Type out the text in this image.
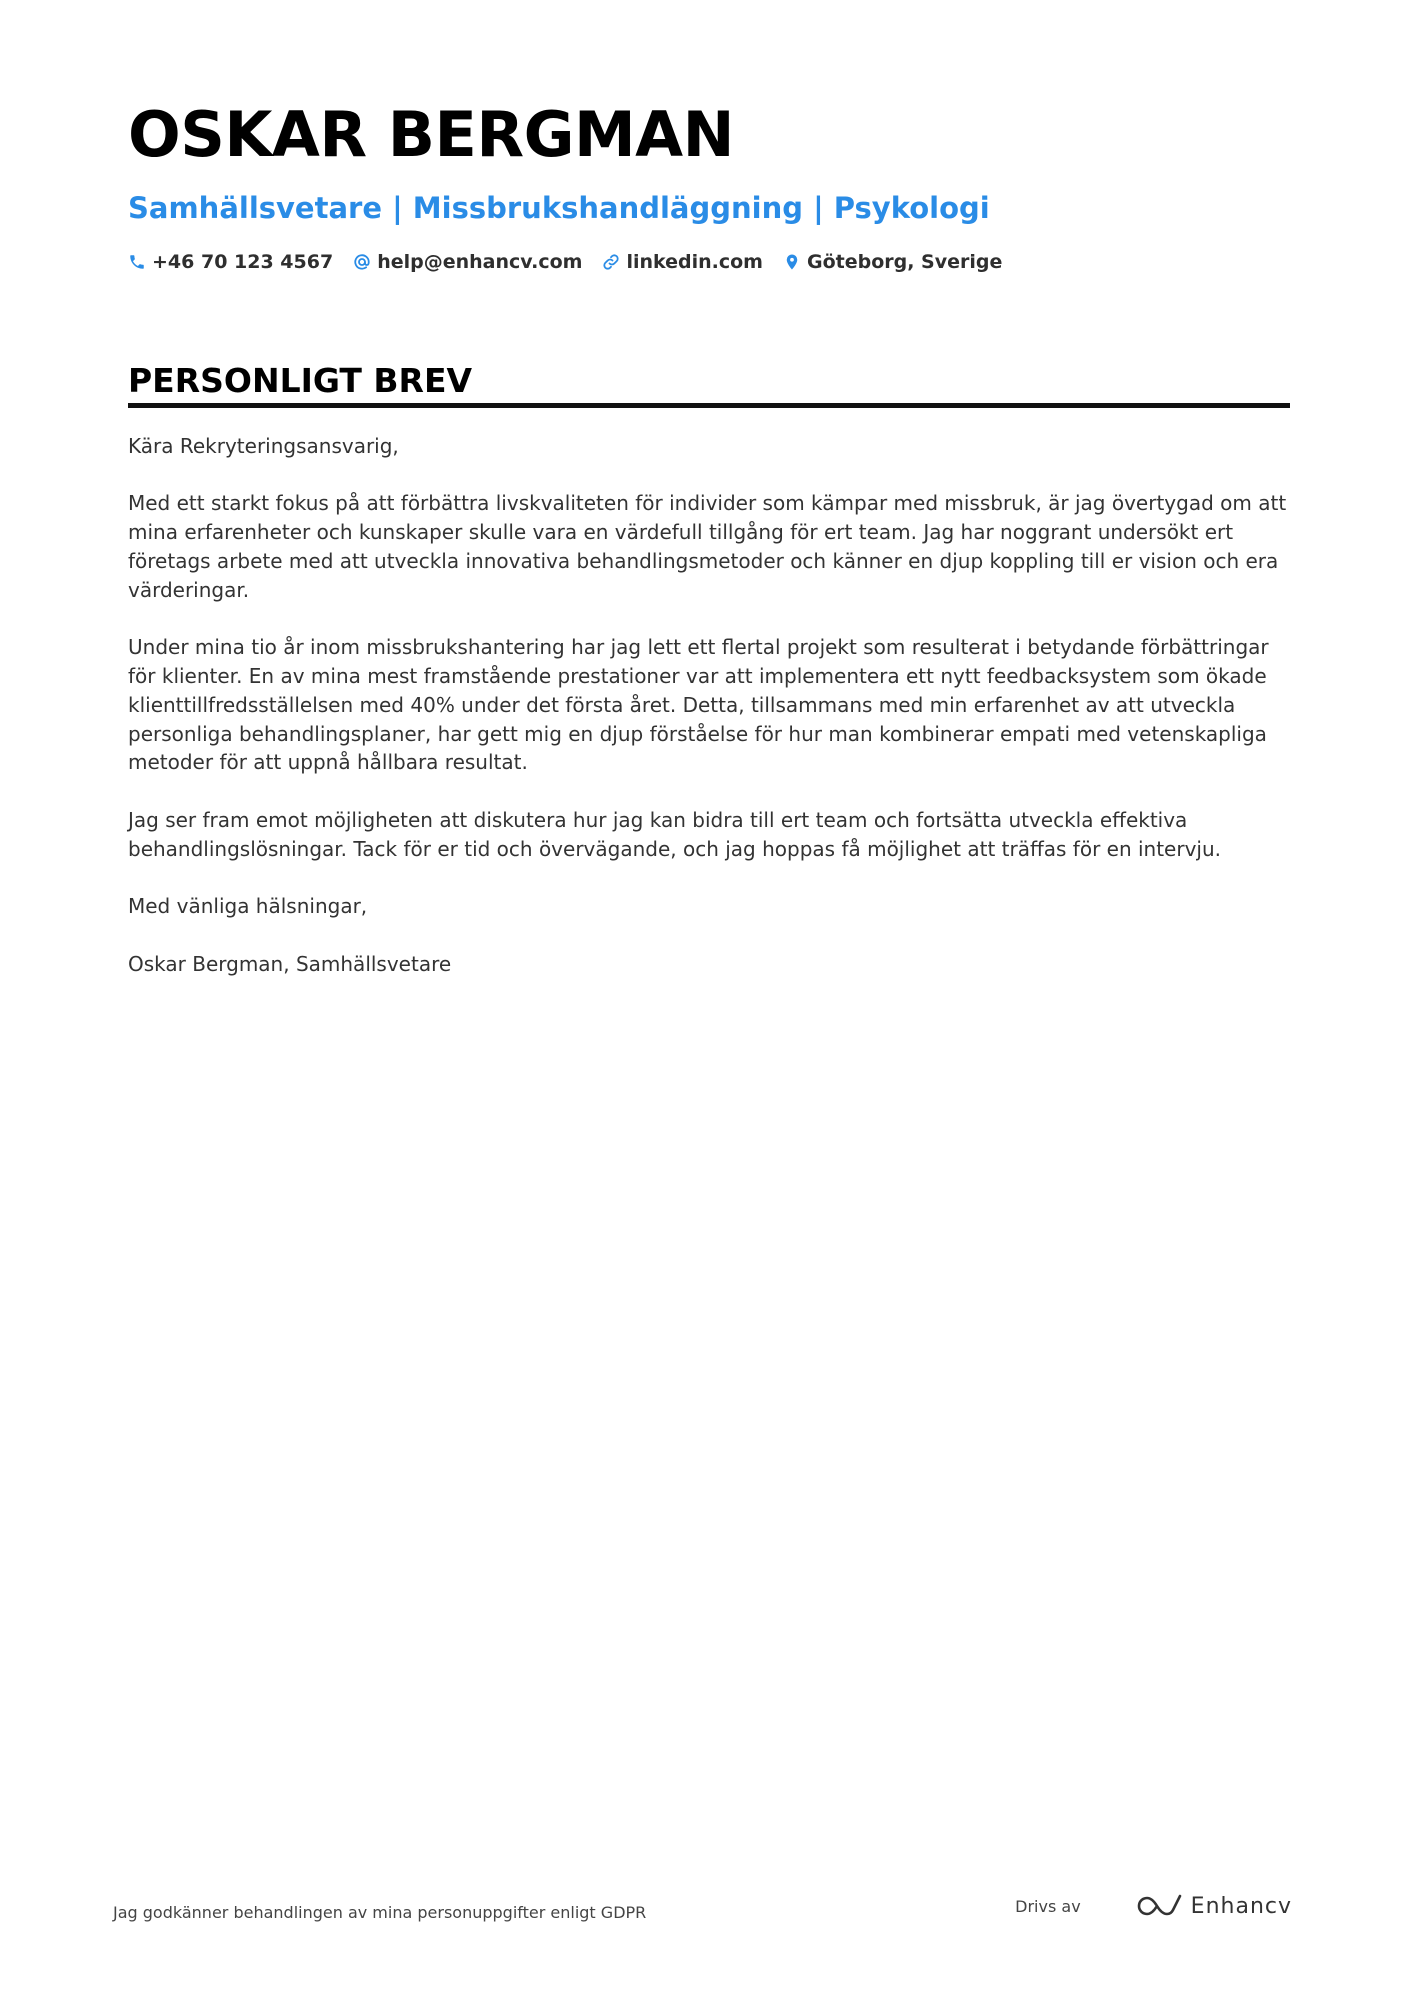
OSKAR BERGMAN
Samhällsvetare | Missbrukshandläggning | Psykologi
+46 70 123 4567 help@enhancv.com linkedin.com Göteborg, Sverige
PERSONLIGT BREV

Kära Rekryteringsansvarig,

Med ett starkt fokus på att förbättra livskvaliteten för individer som kämpar med missbruk, är jag övertygad om att mina erfarenheter och kunskaper skulle vara en värdefull tillgång för ert team. Jag har noggrant undersökt ert företags arbete med att utveckla innovativa behandlingsmetoder och känner en djup koppling till er vision och era värderingar.

Under mina tio år inom missbrukshantering har jag lett ett flertal projekt som resulterat i betydande förbättringar för klienter. En av mina mest framstående prestationer var att implementera ett nytt feedbacksystem som ökade klienttillfredsställelsen med 40% under det första året. Detta, tillsammans med min erfarenhet av att utveckla personliga behandlingsplaner, har gett mig en djup förståelse för hur man kombinerar empati med vetenskapliga metoder för att uppnå hållbara resultat.

Jag ser fram emot möjligheten att diskutera hur jag kan bidra till ert team och fortsätta utveckla effektiva behandlingslösningar. Tack för er tid och övervägande, och jag hoppas få möjlighet att träffas för en intervju.

Med vänliga hälsningar,

Oskar Bergman, Samhällsvetare

Jag godkänner behandlingen av mina personuppgifter enligt GDPR	Drivs av	Enhancv
